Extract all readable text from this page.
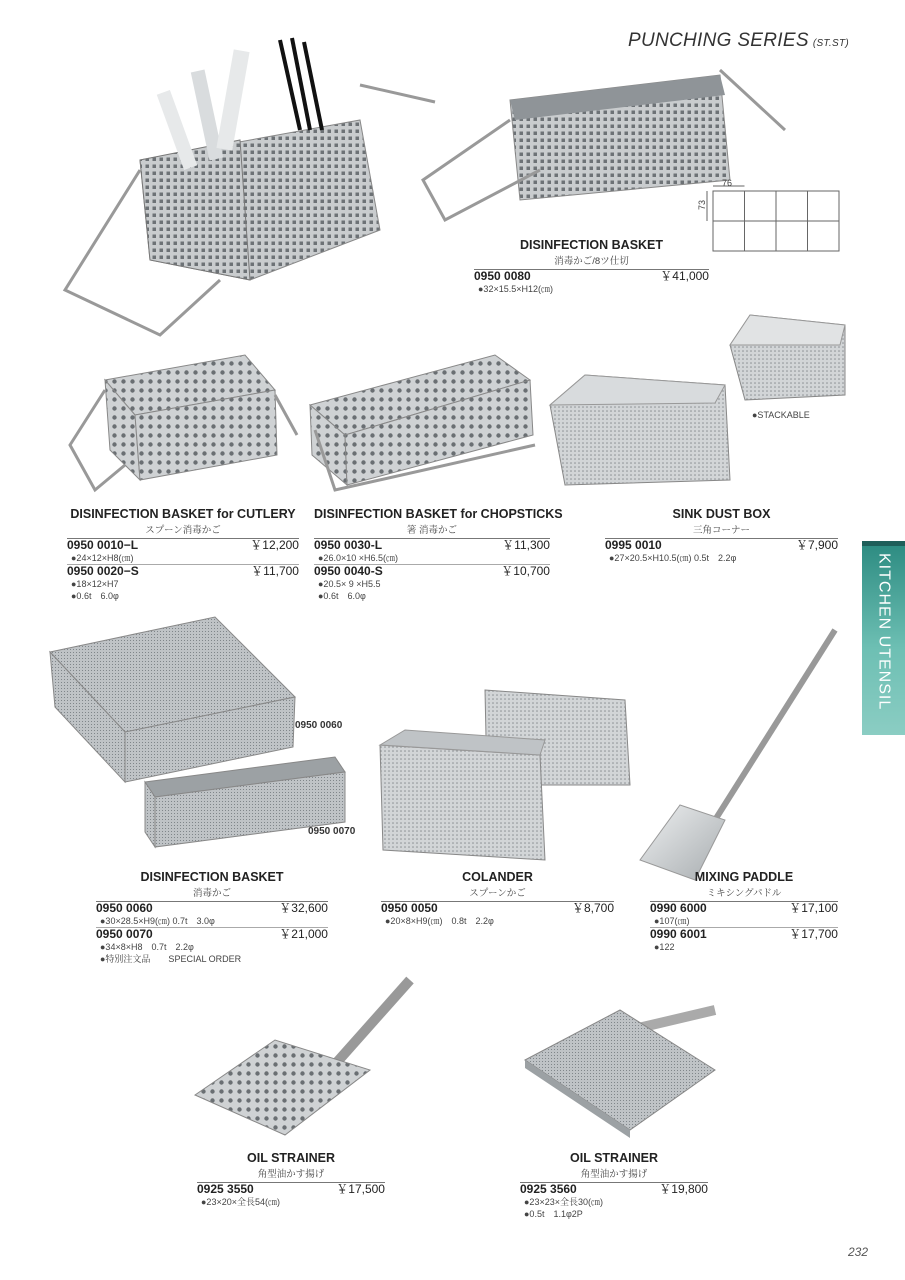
PUNCHING SERIES (ST.ST)
KITCHEN UTENSIL
76
73
●STACKABLE
0950 0060
0950 0070
DISINFECTION BASKET
消毒かご/8ツ仕切
0950 0080	￥41,000
●32×15.5×H12(㎝)
DISINFECTION BASKET for CUTLERY
スプーン消毒かご
0950 0010−L	￥12,200
●24×12×H8(㎝)
0950 0020−S	￥11,700
●18×12×H7
●0.6t　6.0φ
DISINFECTION BASKET for CHOPSTICKS
箸 消毒かご
0950 0030-L	￥11,300
●26.0×10 ×H6.5(㎝)
0950 0040-S	￥10,700
●20.5× 9 ×H5.5
●0.6t　6.0φ
SINK DUST BOX
三角コーナー
0995 0010	￥7,900
●27×20.5×H10.5(㎝) 0.5t　2.2φ
DISINFECTION BASKET
消毒かご
0950 0060	￥32,600
●30×28.5×H9(㎝) 0.7t　3.0φ
0950 0070	￥21,000
●34×8×H8　0.7t　2.2φ
●特別注文品　　SPECIAL ORDER
COLANDER
スプーンかご
0950 0050	￥8,700
●20×8×H9(㎝)　0.8t　2.2φ
MIXING PADDLE
ミキシングパドル
0990 6000	￥17,100
●107(㎝)
0990 6001	￥17,700
●122
OIL STRAINER
角型油かす揚げ
0925 3550	￥17,500
●23×20×全長54(㎝)
OIL STRAINER
角型油かす揚げ
0925 3560	￥19,800
●23×23×全長30(㎝)
●0.5t　1.1φ2P
232
